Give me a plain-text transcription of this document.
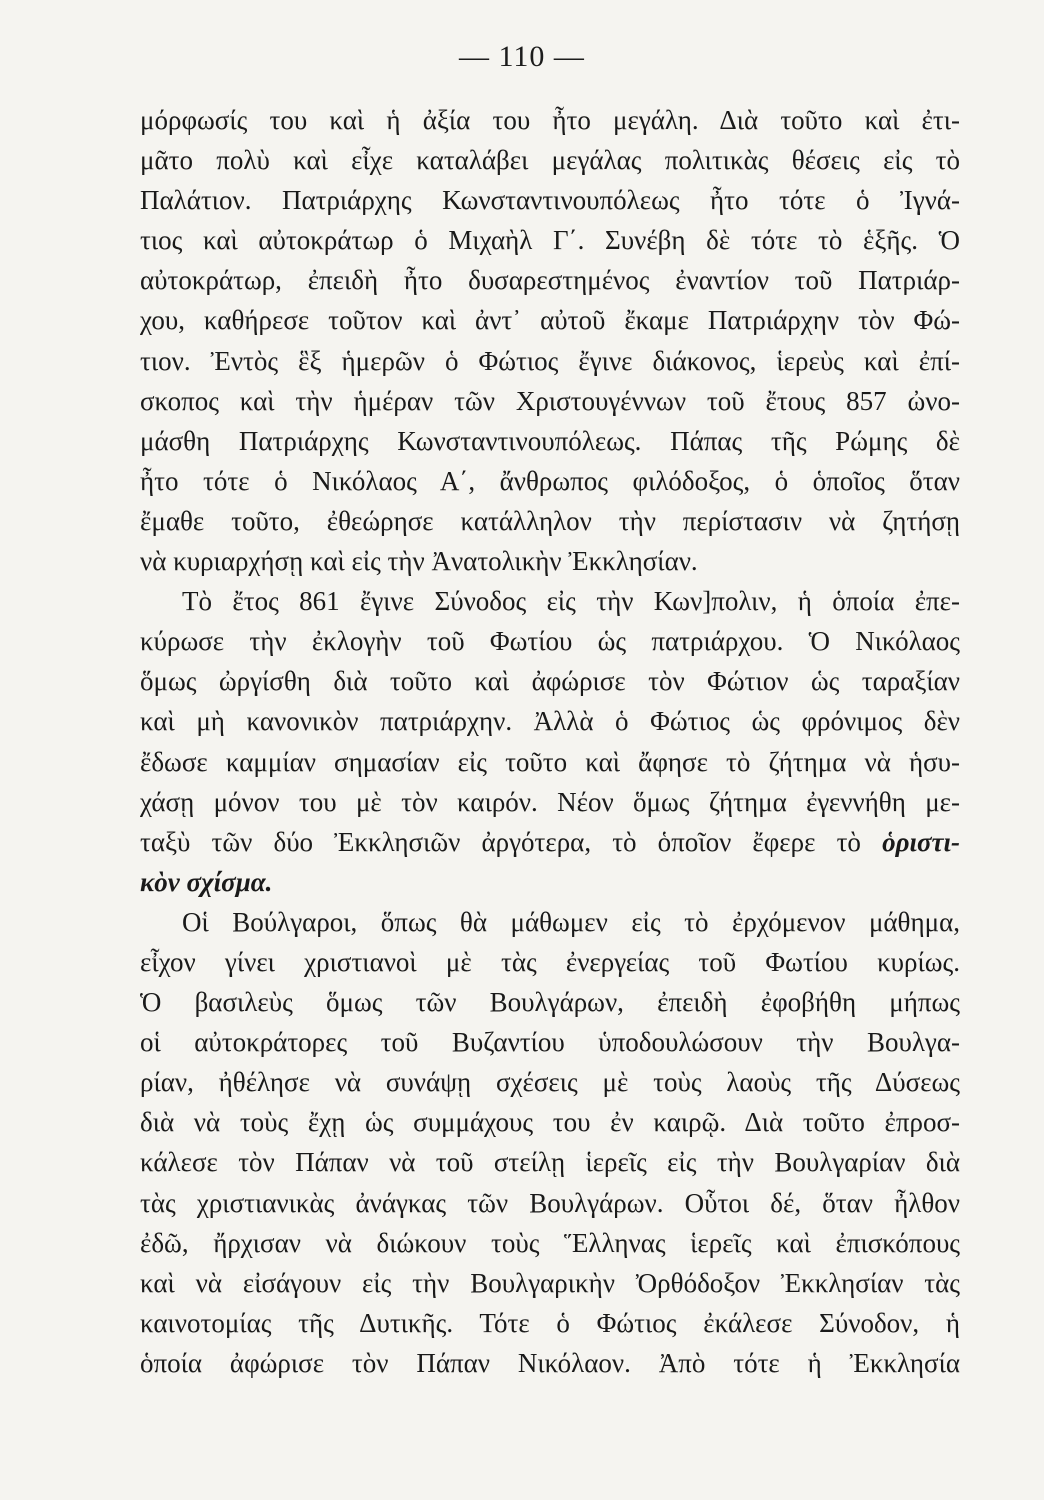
— 110 —
μόρφωσίς του καὶ ἡ ἀξία του ἦτο μεγάλη. Διὰ τοῦτο καὶ ἐτι-
μᾶτο πολὺ καὶ εἶχε καταλάβει μεγάλας πολιτικὰς θέσεις εἰς τὸ
Παλάτιον. Πατριάρχης Κωνσταντινουπόλεως ἦτο τότε ὁ Ἰγνά-
τιος καὶ αὐτοκράτωρ ὁ Μιχαὴλ Γ΄. Συνέβη δὲ τότε τὸ ἑξῆς. Ὁ
αὐτοκράτωρ, ἐπειδὴ ἦτο δυσαρεστημένος ἐναντίον τοῦ Πατριάρ-
χου, καθήρεσε τοῦτον καὶ ἀντ᾽ αὐτοῦ ἔκαμε Πατριάρχην τὸν Φώ-
τιον. Ἐντὸς ἓξ ἡμερῶν ὁ Φώτιος ἔγινε διάκονος, ἱερεὺς καὶ ἐπί-
σκοπος καὶ τὴν ἡμέραν τῶν Χριστουγέννων τοῦ ἔτους 857 ὠνο-
μάσθη Πατριάρχης Κωνσταντινουπόλεως. Πάπας τῆς Ρώμης δὲ
ἦτο τότε ὁ Νικόλαος Α΄, ἄνθρωπος φιλόδοξος, ὁ ὁποῖος ὅταν
ἔμαθε τοῦτο, ἐθεώρησε κατάλληλον τὴν περίστασιν νὰ ζητήσῃ
νὰ κυριαρχήσῃ καὶ εἰς τὴν Ἀνατολικὴν Ἐκκλησίαν.
Τὸ ἔτος 861 ἔγινε Σύνοδος εἰς τὴν Κων]πολιν, ἡ ὁποία ἐπε-
κύρωσε τὴν ἐκλογὴν τοῦ Φωτίου ὡς πατριάρχου. Ὁ Νικόλαος
ὅμως ὠργίσθη διὰ τοῦτο καὶ ἀφώρισε τὸν Φώτιον ὡς ταραξίαν
καὶ μὴ κανονικὸν πατριάρχην. Ἀλλὰ ὁ Φώτιος ὡς φρόνιμος δὲν
ἔδωσε καμμίαν σημασίαν εἰς τοῦτο καὶ ἄφησε τὸ ζήτημα νὰ ἡσυ-
χάσῃ μόνον του μὲ τὸν καιρόν. Νέον ὅμως ζήτημα ἐγεννήθη με-
ταξὺ τῶν δύο Ἐκκλησιῶν ἀργότερα, τὸ ὁποῖον ἔφερε τὸ ὁριστι-
κὸν σχίσμα.
Οἱ Βούλγαροι, ὅπως θὰ μάθωμεν εἰς τὸ ἐρχόμενον μάθημα,
εἶχον γίνει χριστιανοὶ μὲ τὰς ἐνεργείας τοῦ Φωτίου κυρίως.
Ὁ βασιλεὺς ὅμως τῶν Βουλγάρων, ἐπειδὴ ἐφοβήθη μήπως
οἱ αὐτοκράτορες τοῦ Βυζαντίου ὑποδουλώσουν τὴν Βουλγα-
ρίαν, ἠθέλησε νὰ συνάψῃ σχέσεις μὲ τοὺς λαοὺς τῆς Δύσεως
διὰ νὰ τοὺς ἔχῃ ὡς συμμάχους του ἐν καιρῷ. Διὰ τοῦτο ἐπροσ-
κάλεσε τὸν Πάπαν νὰ τοῦ στείλῃ ἱερεῖς εἰς τὴν Βουλγαρίαν διὰ
τὰς χριστιανικὰς ἀνάγκας τῶν Βουλγάρων. Οὗτοι δέ, ὅταν ἦλθον
ἐδῶ, ἤρχισαν νὰ διώκουν τοὺς Ἕλληνας ἱερεῖς καὶ ἐπισκόπους
καὶ νὰ εἰσάγουν εἰς τὴν Βουλγαρικὴν Ὀρθόδοξον Ἐκκλησίαν τὰς
καινοτομίας τῆς Δυτικῆς. Τότε ὁ Φώτιος ἐκάλεσε Σύνοδον, ἡ
ὁποία ἀφώρισε τὸν Πάπαν Νικόλαον. Ἀπὸ τότε ἡ Ἐκκλησία
